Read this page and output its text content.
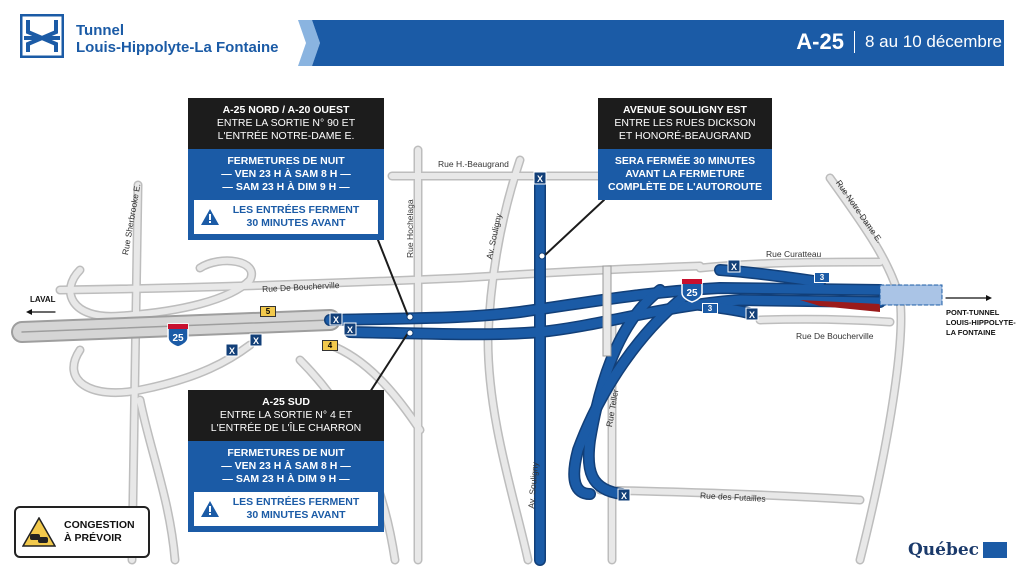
Tunnel
Louis-Hippolyte-La Fontaine	A-25 8 au 10 décembre
X
X
X
X
X
X
X
X
25
25
5
4
3
3
Rue Sherbrooke E.
Rue De Boucherville
Rue H.-Beaugrand
Rue Hochelaga	Av. Souligny
Av. Souligny
Rue Curatteau
Rue Notre-Dame E.
Rue De Boucherville
Rue Teller
Rue des Futailles
LAVAL
PONT-TUNNEL
LOUIS-HIPPOLYTE-
LA FONTAINE
A-25 NORD / A-20 OUEST
ENTRE LA SORTIE N° 90 ET
L'ENTRÉE NOTRE-DAME E.
FERMETURES DE NUIT
— VEN 23 H À SAM 8 H —
— SAM 23 H À DIM 9 H —
LES ENTRÉES FERMENT
30 MINUTES AVANT
AVENUE SOULIGNY EST
ENTRE LES RUES DICKSON
ET HONORÉ-BEAUGRAND
SERA FERMÉE 30 MINUTES
AVANT LA FERMETURE
COMPLÈTE DE L'AUTOROUTE
A-25 SUD
ENTRE LA SORTIE N° 4 ET
L'ENTRÉE DE L'ÎLE CHARRON
FERMETURES DE NUIT
— VEN 23 H À SAM 8 H —
— SAM 23 H À DIM 9 H —
LES ENTRÉES FERMENT
30 MINUTES AVANT
CONGESTION
À PRÉVOIR
Québec
